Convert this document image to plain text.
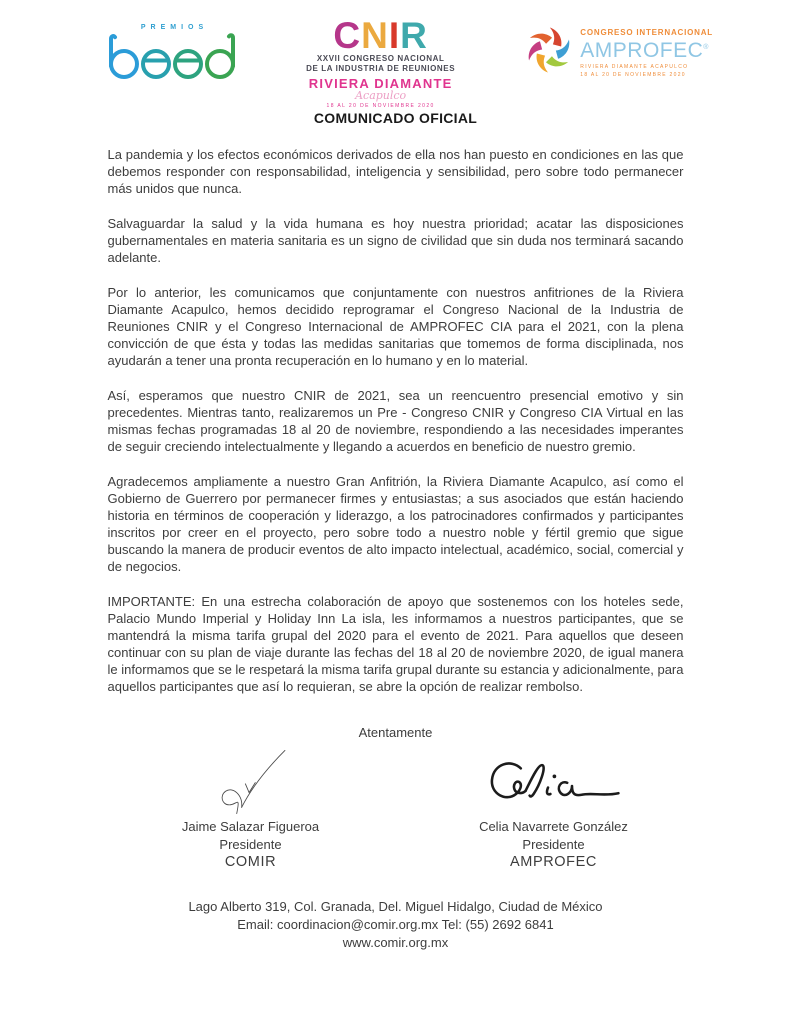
PREMIOS	CNIR
XXVII CONGRESO NACIONAL
DE LA INDUSTRIA DE REUNIONES
RIVIERA DIAMANTE
Acapulco
18 AL 20 DE NOVIEMBRE 2020
CONGRESO INTERNACIONAL
AMPROFEC®
RIVIERA DIAMANTE ACAPULCO
18 AL 20 DE NOVIEMBRE 2020
COMUNICADO OFICIAL

La pandemia y los efectos económicos derivados de ella nos han puesto en condiciones en las que debemos responder con responsabilidad, inteligencia y sensibilidad, pero sobre todo permanecer más unidos que nunca.

Salvaguardar la salud y la vida humana es hoy nuestra prioridad; acatar las disposiciones gubernamentales en materia sanitaria es un signo de civilidad que sin duda nos terminará sacando adelante.

Por lo anterior, les comunicamos que conjuntamente con nuestros anfitriones de la Riviera Diamante Acapulco, hemos decidido reprogramar el Congreso Nacional de la Industria de Reuniones CNIR y el Congreso Internacional de AMPROFEC CIA para el 2021, con la plena convicción de que ésta y todas las medidas sanitarias que tomemos de forma disciplinada, nos ayudarán a tener una pronta recuperación en lo humano y en lo material.

Así, esperamos que nuestro CNIR de 2021, sea un reencuentro presencial emotivo y sin precedentes. Mientras tanto, realizaremos un Pre - Congreso CNIR y Congreso CIA Virtual en las mismas fechas programadas 18 al 20 de noviembre, respondiendo a las necesidades imperantes de seguir creciendo intelectualmente y llegando a acuerdos en beneficio de nuestro gremio.

Agradecemos ampliamente a nuestro Gran Anfitrión, la Riviera Diamante Acapulco, así como el Gobierno de Guerrero por permanecer firmes y entusiastas; a sus asociados que están haciendo historia en términos de cooperación y liderazgo, a los patrocinadores confirmados y participantes inscritos por creer en el proyecto, pero sobre todo a nuestro noble y fértil gremio que sigue buscando la manera de producir eventos de alto impacto intelectual, académico, social, comercial y de negocios.

IMPORTANTE: En una estrecha colaboración de apoyo que sostenemos con los hoteles sede, Palacio Mundo Imperial y Holiday Inn La isla, les informamos a nuestros participantes, que se mantendrá la misma tarifa grupal del 2020 para el evento de 2021. Para aquellos que deseen continuar con su plan de viaje durante las fechas del 18 al 20 de noviembre 2020, de igual manera le informamos que se le respetará la misma tarifa grupal durante su estancia y adicionalmente, para aquellos participantes que así lo requieran, se abre la opción de realizar rembolso.

Atentamente
Jaime Salazar Figueroa
Presidente
COMIR
Celia Navarrete González
Presidente
AMPROFEC
Lago Alberto 319, Col. Granada, Del. Miguel Hidalgo, Ciudad de México
Email: coordinacion@comir.org.mx Tel: (55) 2692 6841
www.comir.org.mx
